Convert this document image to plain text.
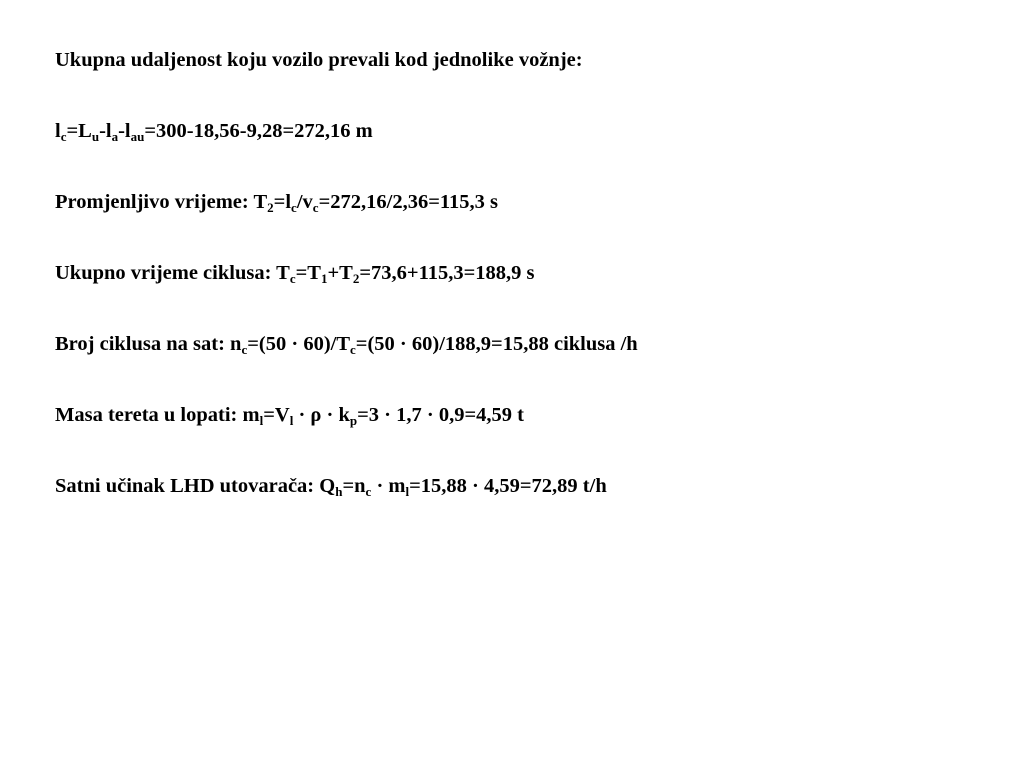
Ukupna udaljenost koju vozilo prevali kod jednolike vožnje:
$l_c=L_u-l_a-l_{au}=300-18,56-9,28=272,16$ m
Promjenljivo vrijeme: $T_2=l_c/v_c=272,16/2,36=115,3$ s
Ukupno vrijeme ciklusa: $T_c=T_1+T_2=73,6+115,3=188,9$ s
Broj ciklusa na sat: $n_c=(50 \cdot 60)/T_c=(50 \cdot 60)/188,9=15,88$ ciklusa /h
Masa tereta u lopati: $m_l=V_l \cdot \rho \cdot k_p=3 \cdot 1,7 \cdot 0,9=4,59$ t
Satni učinak LHD utovarača: $Q_h=n_c \cdot m_l=15,88 \cdot 4,59=72,89$ t/h
